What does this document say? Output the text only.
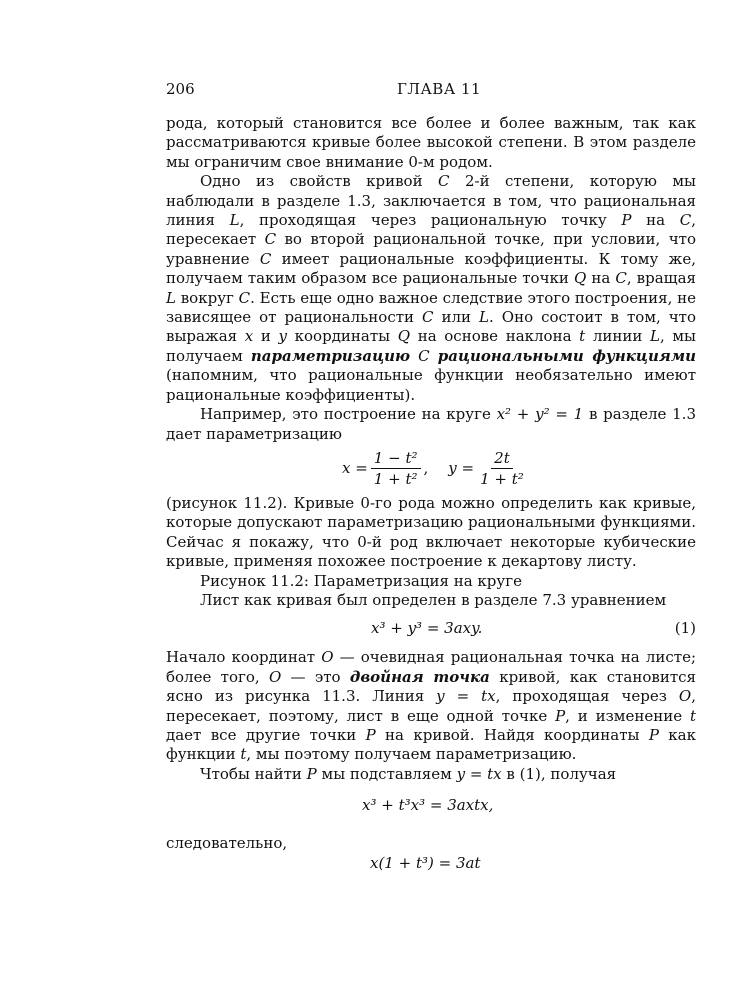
206	ГЛАВА 11

рода, который становится все более и более важным, так как рассматриваются кривые более высокой степени. В этом разделе мы ограничим свое внимание 0-м родом.

Одно из свойств кривой C 2-й степени, которую мы наблюдали в разделе 1.3, заключается в том, что рациональная линия L, проходящая через рациональную точку P на C, пересекает C во второй рациональной точке, при условии, что уравнение C имеет рациональные коэффициенты. К тому же, получаем таким образом все рациональные точки Q на C, вращая L вокруг C. Есть еще одно важное следствие этого построения, не зависящее от рациональности C или L. Оно состоит в том, что выражая x и y координаты Q на основе наклона t линии L, мы получаем параметризацию C рациональными функциями (напомним, что рациональные функции необязательно имеют рациональные коэффициенты).

Например, это построение на круге x² + y² = 1 в разделе 1.3 дает параметризацию

$x = \frac{\text{1 − t²}}{\text{1 + t²}}$ , $y = \frac{2t}{\text{1 + t²}}$

(рисунок 11.2). Кривые 0-го рода можно определить как кривые, которые допускают параметризацию рациональными функциями. Сейчас я покажу, что 0-й род включает некоторые кубические кривые, применяя похожее построение к декартову листу.

Рисунок 11.2: Параметризация на круге

Лист как кривая был определен в разделе 7.3 уравнением

x³ + y³ = 3axy.	(1)

Начало координат O — очевидная рациональная точка на листе; более того, O — это двойная точка кривой, как становится ясно из рисунка 11.3. Линия y = tx, проходящая через O, пересекает, поэтому, лист в еще одной точке P, и изменение t дает все другие точки P на кривой. Найдя координаты P как функции t, мы поэтому получаем параметризацию.

Чтобы найти P мы подставляем y = tx в (1), получая

x³ + t³x³ = 3axtx,

следовательно,

x(1 + t³) = 3at
